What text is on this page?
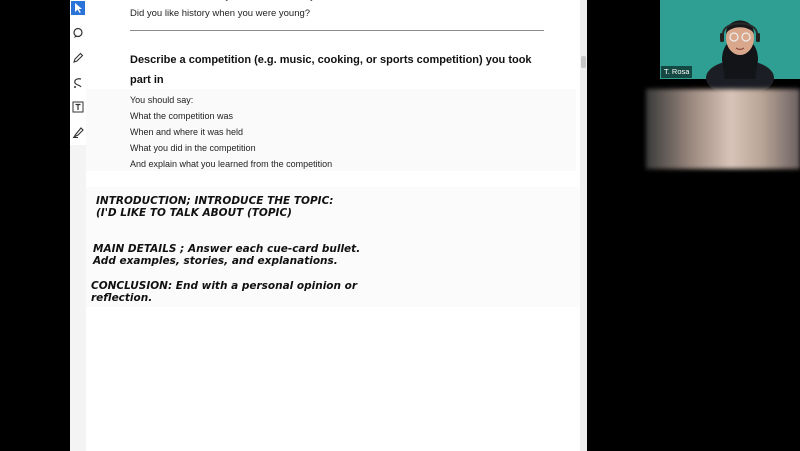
Did you like history when you were young?
Describe a competition (e.g. music, cooking, or sports competition) you took part in
You should say:
What the competition was
When and where it was held
What you did in the competition
And explain what you learned from the competition
INTRODUCTION; INTRODUCE THE TOPIC:
(I'D LIKE TO TALK ABOUT (TOPIC)
MAIN DETAILS ; Answer each cue-card bullet.
Add examples, stories, and explanations.
CONCLUSION: End with a personal opinion or
reflection.
T. Rosa
